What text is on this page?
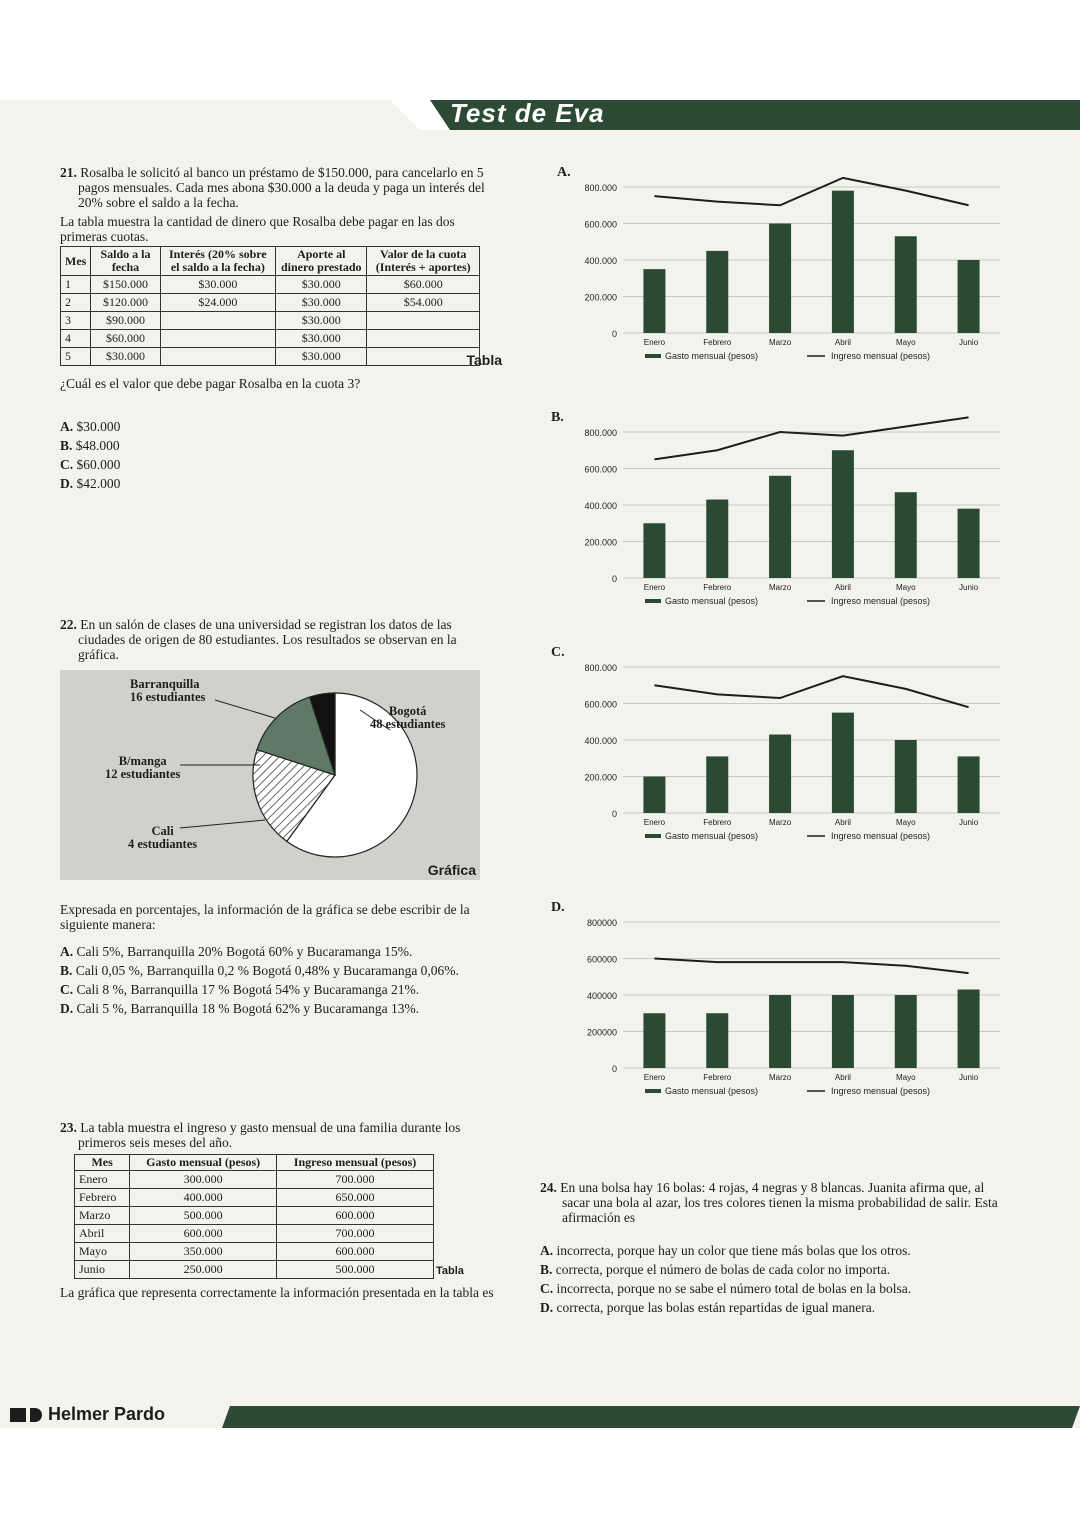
Test de Eva

21. Rosalba le solicitó al banco un préstamo de $150.000, para cancelarlo en 5 pagos mensuales. Cada mes abona $30.000 a la deuda y paga un interés del 20% sobre el saldo a la fecha.

La tabla muestra la cantidad de dinero que Rosalba debe pagar en las dos primeras cuotas.

Mes	Saldo a la fecha	Interés (20% sobre el saldo a la fecha)	Aporte al dinero prestado	Valor de la cuota (Interés + aportes)
1	$150.000	$30.000	$30.000	$60.000
2	$120.000	$24.000	$30.000	$54.000
3	$90.000		$30.000	
4	$60.000		$30.000	
5	$30.000		$30.000		Tabla

¿Cuál es el valor que debe pagar Rosalba en la cuota 3?

A. $30.000
B. $48.000
C. $60.000
D. $42.000

22. En un salón de clases de una universidad se registran los datos de las ciudades de origen de 80 estudiantes. Los resultados se observan en la gráfica.

Barranquilla
16 estudiantes
Bogotá
48 estudiantes
B/manga
12 estudiantes
Cali
4 estudiantes
Gráfica

Expresada en porcentajes, la información de la gráfica se debe escribir de la siguiente manera:

A. Cali 5%, Barranquilla 20% Bogotá 60% y Bucaramanga 15%.
B. Cali 0,05 %, Barranquilla 0,2 % Bogotá 0,48% y Bucaramanga 0,06%.
C. Cali 8 %, Barranquilla 17 % Bogotá 54% y Bucaramanga 21%.
D. Cali 5 %, Barranquilla 18 % Bogotá 62% y Bucaramanga 13%.

23. La tabla muestra el ingreso y gasto mensual de una familia durante los primeros seis meses del año.

Mes	Gasto mensual (pesos)	Ingreso mensual (pesos)
Enero	300.000	700.000
Febrero	400.000	650.000
Marzo	500.000	600.000
Abril	600.000	700.000
Mayo	350.000	600.000
Junio	250.000	500.000	Tabla

La gráfica que representa correctamente la información presentada en la tabla es

A.
0
200.000
400.000
600.000
800.000
Enero	Febrero	Marzo	Abril	Mayo	Junio
Gasto mensual (pesos)	Ingreso mensual (pesos)
B.
0
200.000
400.000
600.000
800.000
Enero	Febrero	Marzo	Abril	Mayo	Junio
Gasto mensual (pesos)	Ingreso mensual (pesos)
C.
0
200.000
400.000
600.000
800.000
Enero	Febrero	Marzo	Abril	Mayo	Junio
Gasto mensual (pesos)	Ingreso mensual (pesos)
D.
0
200000
400000
600000
800000
Enero	Febrero	Marzo	Abril	Mayo	Junio
Gasto mensual (pesos)	Ingreso mensual (pesos)

24. En una bolsa hay 16 bolas: 4 rojas, 4 negras y 8 blancas. Juanita afirma que, al sacar una bola al azar, los tres colores tienen la misma probabilidad de salir. Esta afirmación es

A. incorrecta, porque hay un color que tiene más bolas que los otros.
B. correcta, porque el número de bolas de cada color no importa.
C. incorrecta, porque no se sabe el número total de bolas en la bolsa.
D. correcta, porque las bolas están repartidas de igual manera.
Helmer Pardo
